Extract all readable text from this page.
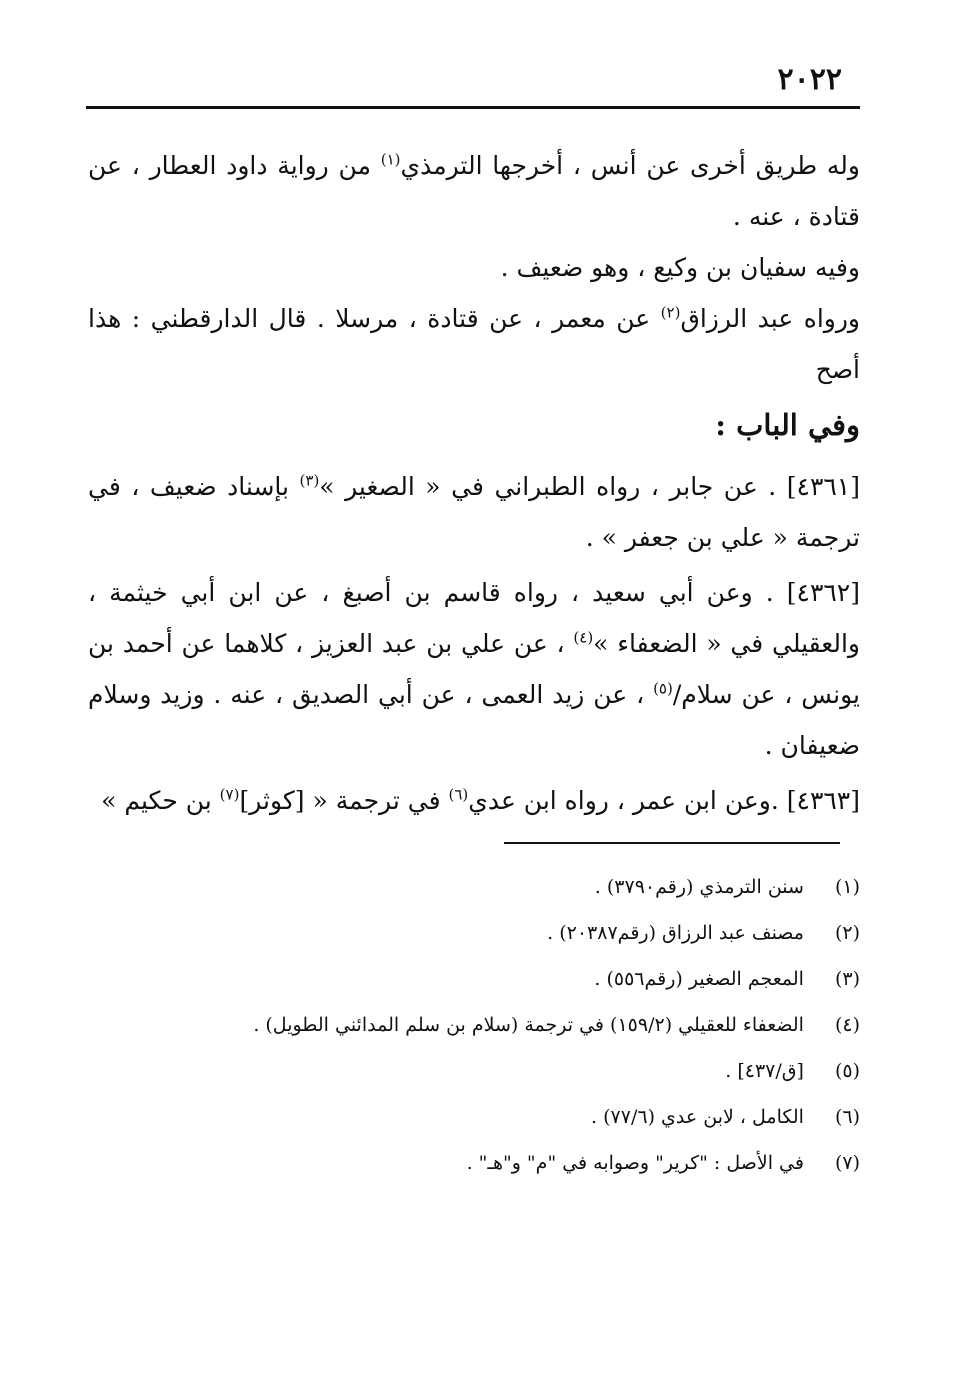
٢٠٢٢

وله طريق أخرى عن أنس ، أخرجها الترمذي$^{(١)}$ من رواية داود العطار ، عن قتادة ، عنه .

وفيه سفيان بن وكيع ، وهو ضعيف .

ورواه عبد الرزاق$^{(٢)}$ عن معمر ، عن قتادة ، مرسلا . قال الدارقطني : هذا أصح

وفي الباب :

[٤٣٦١] . عن جابر ، رواه الطبراني في « الصغير »$^{(٣)}$ بإسناد ضعيف ، في ترجمة « علي بن جعفر » .

[٤٣٦٢] . وعن أبي سعيد ، رواه قاسم بن أصبغ ، عن ابن أبي خيثمة ، والعقيلي في « الضعفاء »$^{(٤)}$ ، عن علي بن عبد العزيز ، كلاهما عن أحمد بن يونس ، عن سلام/$^{(٥)}$ ، عن زيد العمى ، عن أبي الصديق ، عنه . وزيد وسلام ضعيفان .

[٤٣٦٣] .وعن ابن عمر ، رواه ابن عدي$^{(٦)}$ في ترجمة « [كوثر]$^{(٧)}$ بن حكيم »

(١) سنن الترمذي (رقم٣٧٩٠) .
(٢) مصنف عبد الرزاق (رقم٢٠٣٨٧) .
(٣) المعجم الصغير (رقم٥٥٦) .
(٤) الضعفاء للعقيلي (١٥٩/٢) في ترجمة (سلام بن سلم المدائني الطويل) .
(٥) [ق/٤٣٧] .
(٦) الكامل ، لابن عدي (٧٧/٦) .
(٧) في الأصل : "كرير" وصوابه في "م" و"هـ" .
